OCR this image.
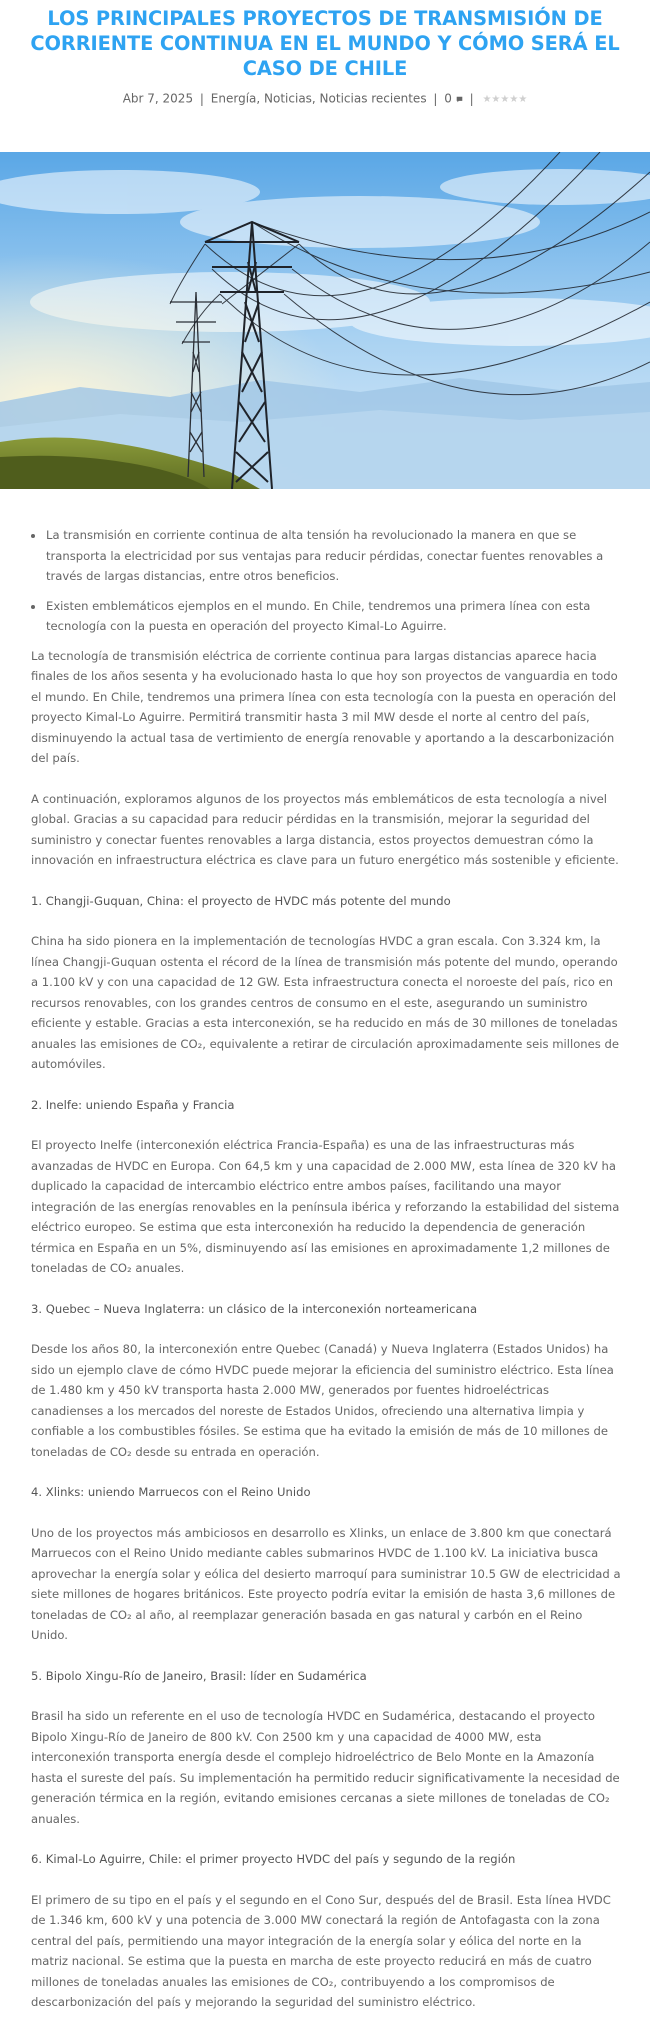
LOS PRINCIPALES PROYECTOS DE TRANSMISIÓN DE CORRIENTE CONTINUA EN EL MUNDO Y CÓMO SERÁ EL CASO DE CHILE
Abr 7, 2025 | Energía, Noticias, Noticias recientes | 0 | ★★★★★
• La transmisión en corriente continua de alta tensión ha revolucionado la manera en que se transporta la electricidad por sus ventajas para reducir pérdidas, conectar fuentes renovables a través de largas distancias, entre otros beneficios.
• Existen emblemáticos ejemplos en el mundo. En Chile, tendremos una primera línea con esta tecnología con la puesta en operación del proyecto Kimal-Lo Aguirre.

La tecnología de transmisión eléctrica de corriente continua para largas distancias aparece hacia finales de los años sesenta y ha evolucionado hasta lo que hoy son proyectos de vanguardia en todo el mundo. En Chile, tendremos una primera línea con esta tecnología con la puesta en operación del proyecto Kimal-Lo Aguirre. Permitirá transmitir hasta 3 mil MW desde el norte al centro del país, disminuyendo la actual tasa de vertimiento de energía renovable y aportando a la descarbonización del país.

A continuación, exploramos algunos de los proyectos más emblemáticos de esta tecnología a nivel global. Gracias a su capacidad para reducir pérdidas en la transmisión, mejorar la seguridad del suministro y conectar fuentes renovables a larga distancia, estos proyectos demuestran cómo la innovación en infraestructura eléctrica es clave para un futuro energético más sostenible y eficiente.

1. Changji-Guquan, China: el proyecto de HVDC más potente del mundo

China ha sido pionera en la implementación de tecnologías HVDC a gran escala. Con 3.324 km, la línea Changji-Guquan ostenta el récord de la línea de transmisión más potente del mundo, operando a 1.100 kV y con una capacidad de 12 GW. Esta infraestructura conecta el noroeste del país, rico en recursos renovables, con los grandes centros de consumo en el este, asegurando un suministro eficiente y estable. Gracias a esta interconexión, se ha reducido en más de 30 millones de toneladas anuales las emisiones de CO₂, equivalente a retirar de circulación aproximadamente seis millones de automóviles.

2. Inelfe: uniendo España y Francia

El proyecto Inelfe (interconexión eléctrica Francia-España) es una de las infraestructuras más avanzadas de HVDC en Europa. Con 64,5 km y una capacidad de 2.000 MW, esta línea de 320 kV ha duplicado la capacidad de intercambio eléctrico entre ambos países, facilitando una mayor integración de las energías renovables en la península ibérica y reforzando la estabilidad del sistema eléctrico europeo. Se estima que esta interconexión ha reducido la dependencia de generación térmica en España en un 5%, disminuyendo así las emisiones en aproximadamente 1,2 millones de toneladas de CO₂ anuales.

3. Quebec – Nueva Inglaterra: un clásico de la interconexión norteamericana

Desde los años 80, la interconexión entre Quebec (Canadá) y Nueva Inglaterra (Estados Unidos) ha sido un ejemplo clave de cómo HVDC puede mejorar la eficiencia del suministro eléctrico. Esta línea de 1.480 km y 450 kV transporta hasta 2.000 MW, generados por fuentes hidroeléctricas canadienses a los mercados del noreste de Estados Unidos, ofreciendo una alternativa limpia y confiable a los combustibles fósiles. Se estima que ha evitado la emisión de más de 10 millones de toneladas de CO₂ desde su entrada en operación.

4. Xlinks: uniendo Marruecos con el Reino Unido

Uno de los proyectos más ambiciosos en desarrollo es Xlinks, un enlace de 3.800 km que conectará Marruecos con el Reino Unido mediante cables submarinos HVDC de 1.100 kV. La iniciativa busca aprovechar la energía solar y eólica del desierto marroquí para suministrar 10.5 GW de electricidad a siete millones de hogares británicos. Este proyecto podría evitar la emisión de hasta 3,6 millones de toneladas de CO₂ al año, al reemplazar generación basada en gas natural y carbón en el Reino Unido.

5. Bipolo Xingu-Río de Janeiro, Brasil: líder en Sudamérica

Brasil ha sido un referente en el uso de tecnología HVDC en Sudamérica, destacando el proyecto Bipolo Xingu-Río de Janeiro de 800 kV. Con 2500 km y una capacidad de 4000 MW, esta interconexión transporta energía desde el complejo hidroeléctrico de Belo Monte en la Amazonía hasta el sureste del país. Su implementación ha permitido reducir significativamente la necesidad de generación térmica en la región, evitando emisiones cercanas a siete millones de toneladas de CO₂ anuales.

6. Kimal-Lo Aguirre, Chile: el primer proyecto HVDC del país y segundo de la región

El primero de su tipo en el país y el segundo en el Cono Sur, después del de Brasil. Esta línea HVDC de 1.346 km, 600 kV y una potencia de 3.000 MW conectará la región de Antofagasta con la zona central del país, permitiendo una mayor integración de la energía solar y eólica del norte en la matriz nacional. Se estima que la puesta en marcha de este proyecto reducirá en más de cuatro millones de toneladas anuales las emisiones de CO₂, contribuyendo a los compromisos de descarbonización del país y mejorando la seguridad del suministro eléctrico.
